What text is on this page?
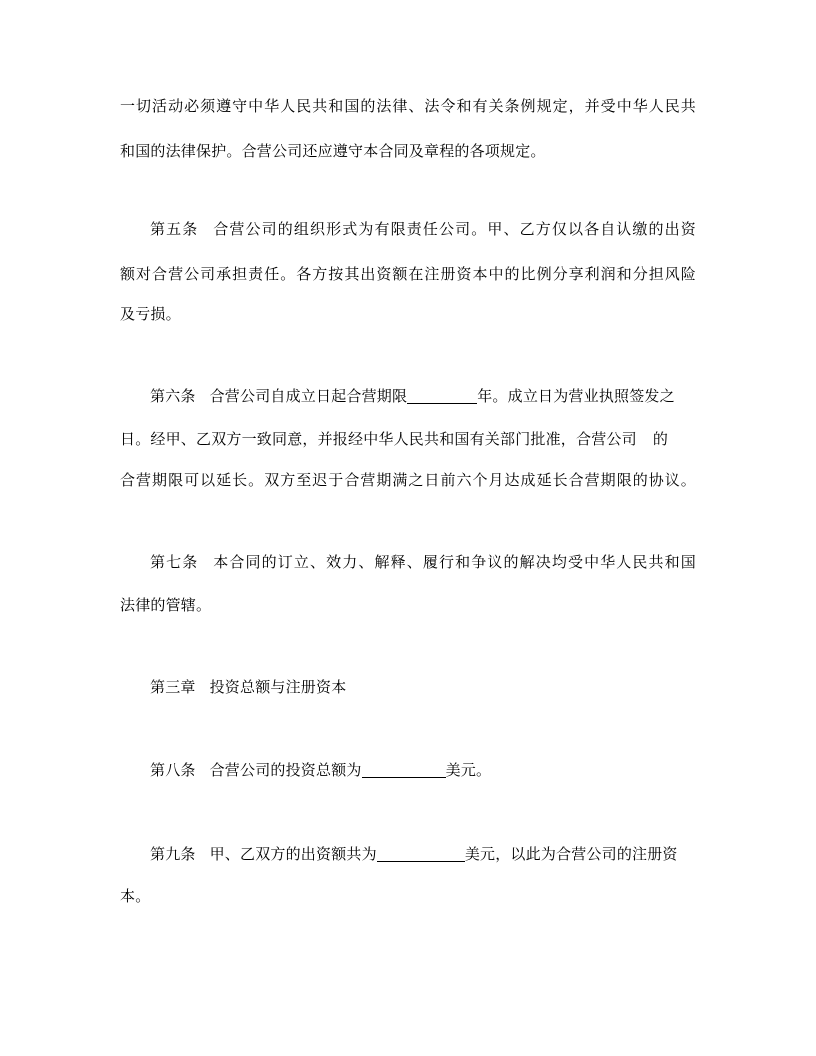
一切活动必须遵守中华人民共和国的法律、法令和有关条例规定，并受中华人民共
和国的法律保护。合营公司还应遵守本合同及章程的各项规定。
第五条 合营公司的组织形式为有限责任公司。甲、乙方仅以各自认缴的出资
额对合营公司承担责任。各方按其出资额在注册资本中的比例分享利润和分担风险
及亏损。
第六条 合营公司自成立日起合营期限	年。成立日为营业执照签发之
日。经甲、乙双方一致同意，并报经中华人民共和国有关部门批准，合营公司 的
合营期限可以延长。双方至迟于合营期满之日前六个月达成延长合营期限的协议。
第七条 本合同的订立、效力、解释、履行和争议的解决均受中华人民共和国
法律的管辖。
第三章 投资总额与注册资本
第八条 合营公司的投资总额为	美元。
第九条 甲、乙双方的出资额共为	美元，以此为合营公司的注册资
本。
